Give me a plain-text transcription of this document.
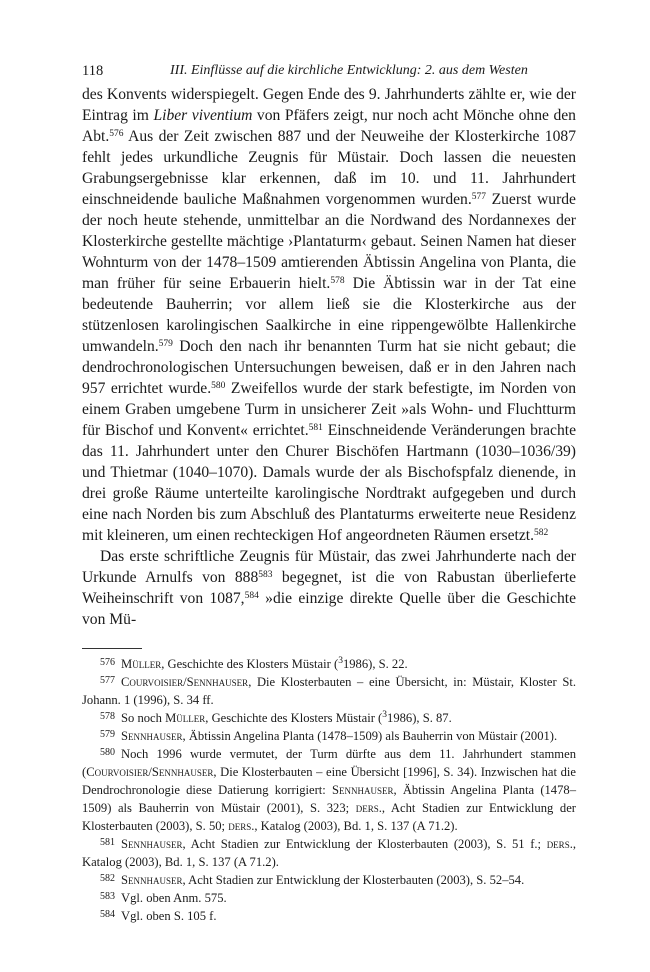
118	III. Einflüsse auf die kirchliche Entwicklung: 2. aus dem Westen

des Konvents widerspiegelt. Gegen Ende des 9. Jahrhunderts zählte er, wie der Eintrag im Liber viventium von Pfäfers zeigt, nur noch acht Mönche ohne den Abt.$^{576}$ Aus der Zeit zwischen 887 und der Neuweihe der Klosterkirche 1087 fehlt jedes urkundliche Zeugnis für Müstair. Doch lassen die neuesten Grabungsergebnisse klar erkennen, daß im 10. und 11. Jahrhundert einschneidende bauliche Maßnahmen vorgenommen wurden.$^{577}$ Zuerst wurde der noch heute stehende, unmittelbar an die Nordwand des Nordannexes der Klosterkirche gestellte mächtige ›Plantaturm‹ gebaut. Seinen Namen hat dieser Wohnturm von der 1478–1509 amtierenden Äbtissin Angelina von Planta, die man früher für seine Erbauerin hielt.$^{578}$ Die Äbtissin war in der Tat eine bedeutende Bauherrin; vor allem ließ sie die Klosterkirche aus der stützenlosen karolingischen Saalkirche in eine rippengewölbte Hallenkirche umwandeln.$^{579}$ Doch den nach ihr benannten Turm hat sie nicht gebaut; die dendrochronologischen Untersuchungen beweisen, daß er in den Jahren nach 957 errichtet wurde.$^{580}$ Zweifellos wurde der stark befestigte, im Norden von einem Graben umgebene Turm in unsicherer Zeit »als Wohn- und Fluchtturm für Bischof und Konvent« errichtet.$^{581}$ Einschneidende Veränderungen brachte das 11. Jahrhundert unter den Churer Bischöfen Hartmann (1030–1036/39) und Thietmar (1040–1070). Damals wurde der als Bischofspfalz dienende, in drei große Räume unterteilte karolingische Nordtrakt aufgegeben und durch eine nach Norden bis zum Abschluß des Plantaturms erweiterte neue Residenz mit kleineren, um einen rechteckigen Hof angeordneten Räumen ersetzt.$^{582}$

Das erste schriftliche Zeugnis für Müstair, das zwei Jahrhunderte nach der Urkunde Arnulfs von $888^{583}$ begegnet, ist die von Rabustan überlieferte Weiheinschrift von 1087,$^{584}$ »die einzige direkte Quelle über die Geschichte von Mü-

$^{576}$ Müller, Geschichte des Klosters Müstair ($^3$1986), S. 22.

$^{577}$ Courvoisier/Sennhauser, Die Klosterbauten – eine Übersicht, in: Müstair, Kloster St. Johann. 1 (1996), S. 34 ff.

$^{578}$ So noch Müller, Geschichte des Klosters Müstair ($^3$1986), S. 87.

$^{579}$ Sennhauser, Äbtissin Angelina Planta (1478–1509) als Bauherrin von Müstair (2001).

$^{580}$ Noch 1996 wurde vermutet, der Turm dürfte aus dem 11. Jahrhundert stammen (Courvoisier/Sennhauser, Die Klosterbauten – eine Übersicht [1996], S. 34). Inzwischen hat die Dendrochronologie diese Datierung korrigiert: Sennhauser, Äbtissin Angelina Planta (1478–1509) als Bauherrin von Müstair (2001), S. 323; ders., Acht Stadien zur Entwicklung der Klosterbauten (2003), S. 50; ders., Katalog (2003), Bd. 1, S. 137 (A 71.2).

$^{581}$ Sennhauser, Acht Stadien zur Entwicklung der Klosterbauten (2003), S. 51 f.; ders., Katalog (2003), Bd. 1, S. 137 (A 71.2).

$^{582}$ Sennhauser, Acht Stadien zur Entwicklung der Klosterbauten (2003), S. 52–54.

$^{583}$ Vgl. oben Anm. 575.

$^{584}$ Vgl. oben S. 105 f.
